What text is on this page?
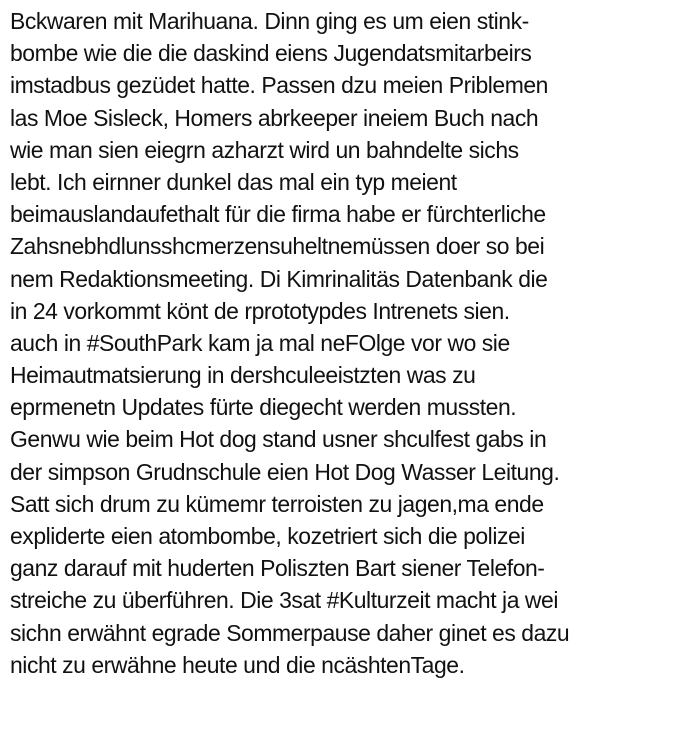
Bckwaren mit Marihuana. Dinn ging es um eien stink-
bombe wie die die daskind eiens Jugendatsmitarbeirs
imstadbus gezüdet hatte. Passen dzu meien Priblemen
las Moe Sisleck, Homers abrkeeper ineiem Buch nach
wie man sien eiegrn azharzt wird un bahndelte sichs
lebt. Ich eirnner dunkel das mal ein typ meient
beimauslandaufethalt für die firma habe er fürchterliche
Zahsnebhdlunsshcmerzensuheltnemüssen doer so bei
nem Redaktionsmeeting. Di Kimrinalitäs Datenbank die
in 24 vorkommt könt de rprototypdes Intrenets sien.
auch in #SouthPark kam ja mal neFOlge vor wo sie
Heimautmatsierung in dershculeeistzten was zu
eprmenetn Updates fürte diegecht werden mussten.
Genwu wie beim Hot dog stand usner shculfest gabs in
der simpson Grudnschule eien Hot Dog Wasser Leitung.
Satt sich drum zu kümemr terroisten zu jagen,ma ende
expliderte eien atombombe, kozetriert sich die polizei
ganz darauf mit huderten Poliszten Bart siener Telefon-
streiche zu überführen. Die 3sat #Kulturzeit macht ja wei
sichn erwähnt egrade Sommerpause daher ginet es dazu
nicht zu erwähne heute und die ncäshtenTage.
